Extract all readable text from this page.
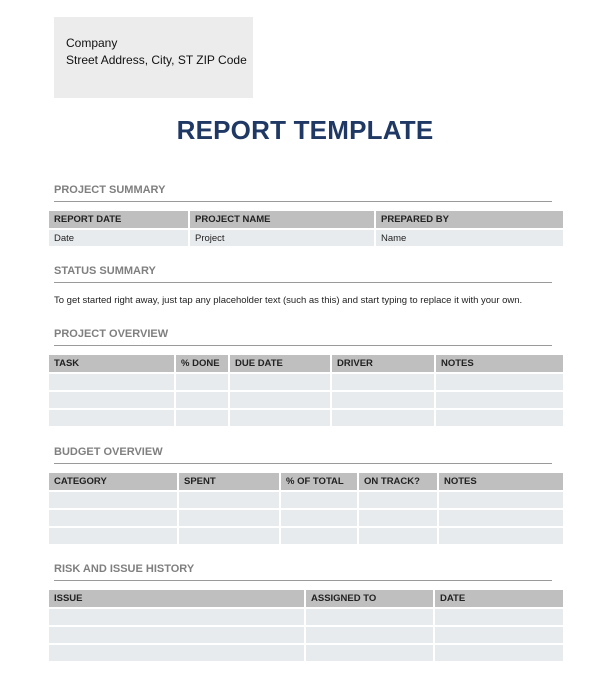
Company
Street Address, City, ST ZIP Code
REPORT TEMPLATE
PROJECT SUMMARY
REPORT DATE	PROJECT NAME	PREPARED BY
Date	Project	Name
STATUS SUMMARY
To get started right away, just tap any placeholder text (such as this) and start typing to replace it with your own.
PROJECT OVERVIEW
TASK	% DONE	DUE DATE	DRIVER	NOTES

BUDGET OVERVIEW
CATEGORY	SPENT	% OF TOTAL	ON TRACK?	NOTES

RISK AND ISSUE HISTORY
ISSUE	ASSIGNED TO	DATE
